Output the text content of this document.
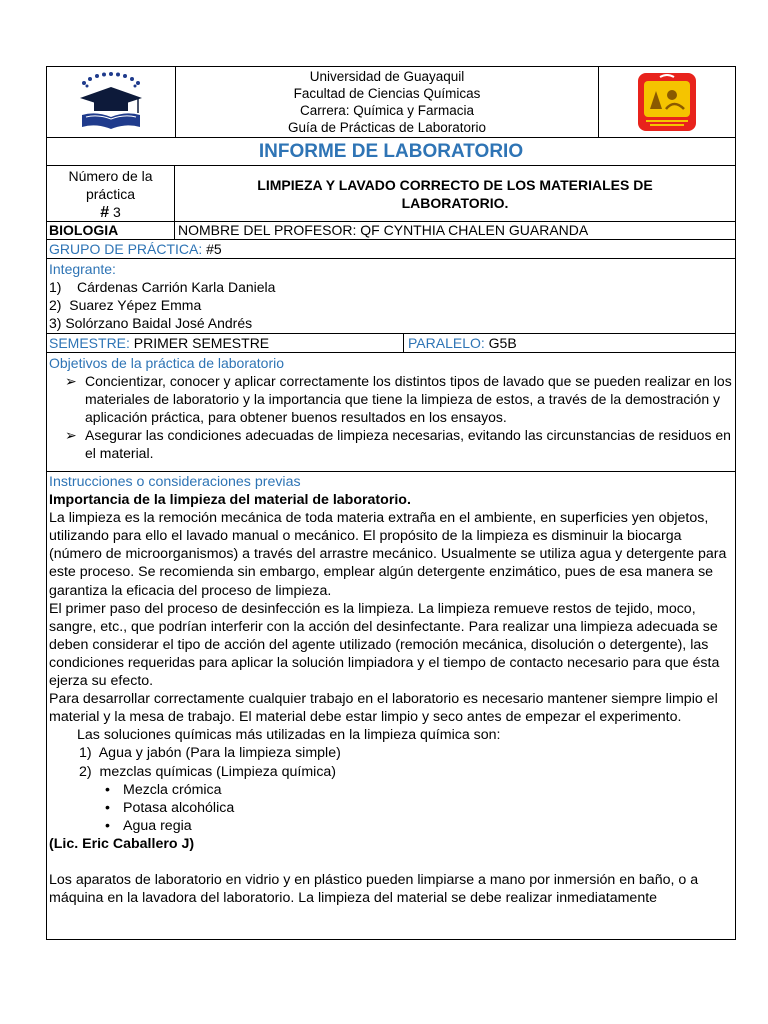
Universidad de Guayaquil
Facultad de Ciencias Químicas
Carrera: Química y Farmacia
Guía de Prácticas de Laboratorio
INFORME DE LABORATORIO
Número de la práctica
# 3
LIMPIEZA Y LAVADO CORRECTO DE LOS MATERIALES DE LABORATORIO.
BIOLOGIA	NOMBRE DEL PROFESOR: QF CYNTHIA CHALEN GUARANDA
GRUPO DE PRÁCTICA: #5
Integrante:
1)    Cárdenas Carrión Karla Daniela
2)  Suarez Yépez Emma
3) Solórzano Baidal José Andrés
SEMESTRE: PRIMER SEMESTRE	PARALELO: G5B
Objetivos de la práctica de laboratorio
➢ Concientizar, conocer y aplicar correctamente los distintos tipos de lavado que se pueden realizar en los materiales de laboratorio y la importancia que tiene la limpieza de estos, a través de la demostración y aplicación práctica, para obtener buenos resultados en los ensayos.
➢ Asegurar las condiciones adecuadas de limpieza necesarias, evitando las circunstancias de residuos en el material.
Instrucciones o consideraciones previas
Importancia de la limpieza del material de laboratorio.

La limpieza es la remoción mecánica de toda materia extraña en el ambiente, en superficies yen objetos, utilizando para ello el lavado manual o mecánico. El propósito de la limpieza es disminuir la biocarga (número de microorganismos) a través del arrastre mecánico. Usualmente se utiliza agua y detergente para este proceso. Se recomienda sin embargo, emplear algún detergente enzimático, pues de esa manera se garantiza la eficacia del proceso de limpieza.

El primer paso del proceso de desinfección es la limpieza. La limpieza remueve restos de tejido, moco, sangre, etc., que podrían interferir con la acción del desinfectante. Para realizar una limpieza adecuada se deben considerar el tipo de acción del agente utilizado (remoción mecánica, disolución o detergente), las condiciones requeridas para aplicar la solución limpiadora y el tiempo de contacto necesario para que ésta ejerza su efecto.

Para desarrollar correctamente cualquier trabajo en el laboratorio es necesario mantener siempre limpio el material y la mesa de trabajo. El material debe estar limpio y seco antes de empezar el experimento.

Las soluciones químicas más utilizadas en la limpieza química son:
1)  Agua y jabón (Para la limpieza simple)
2)  mezclas químicas (Limpieza química)
• Mezcla crómica
• Potasa alcohólica
• Agua regia
(Lic. Eric Caballero J)

Los aparatos de laboratorio en vidrio y en plástico pueden limpiarse a mano por inmersión en baño, o a máquina en la lavadora del laboratorio. La limpieza del material se debe realizar inmediatamente
